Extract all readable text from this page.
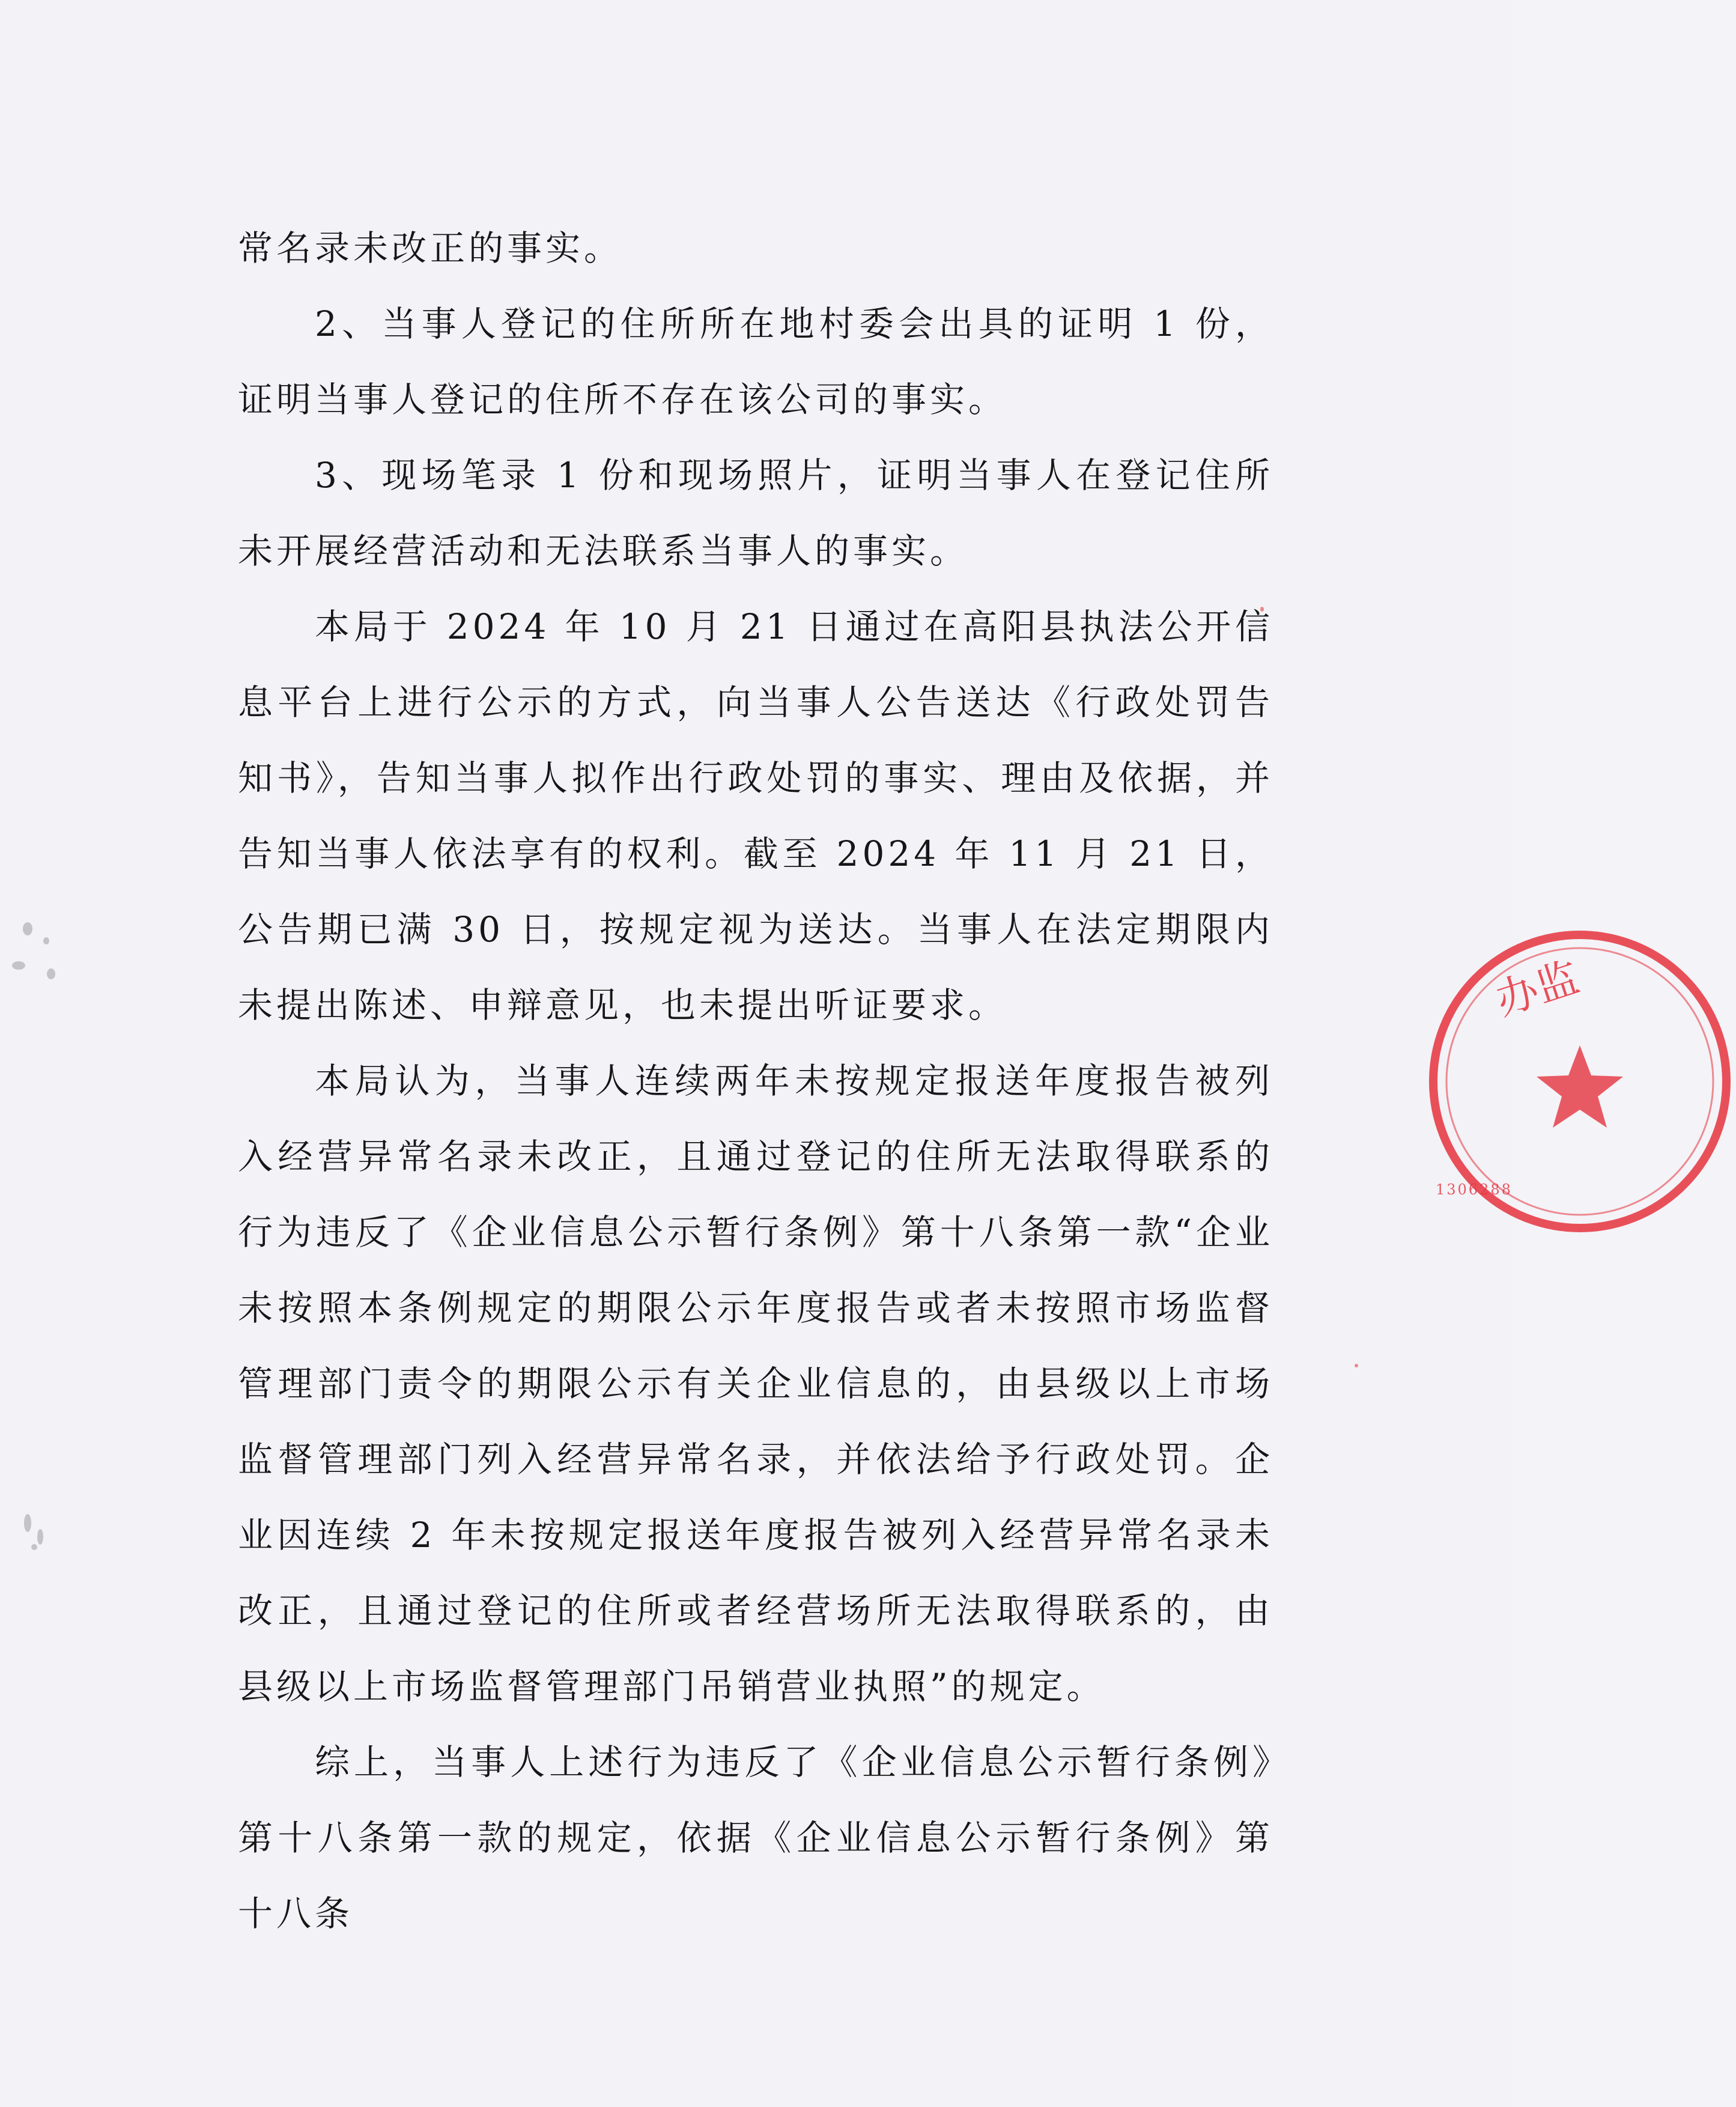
常名录未改正的事实。

2、当事人登记的住所所在地村委会出具的证明 1 份，证明当事人登记的住所不存在该公司的事实。

3、现场笔录 1 份和现场照片，证明当事人在登记住所未开展经营活动和无法联系当事人的事实。

本局于 2024 年 10 月 21 日通过在高阳县执法公开信息平台上进行公示的方式，向当事人公告送达《行政处罚告知书》，告知当事人拟作出行政处罚的事实、理由及依据，并告知当事人依法享有的权利。截至 2024 年 11 月 21 日，公告期已满 30 日，按规定视为送达。当事人在法定期限内未提出陈述、申辩意见，也未提出听证要求。

本局认为，当事人连续两年未按规定报送年度报告被列入经营异常名录未改正，且通过登记的住所无法取得联系的行为违反了《企业信息公示暂行条例》第十八条第一款“企业未按照本条例规定的期限公示年度报告或者未按照市场监督管理部门责令的期限公示有关企业信息的，由县级以上市场监督管理部门列入经营异常名录，并依法给予行政处罚。企业因连续 2 年未按规定报送年度报告被列入经营异常名录未改正，且通过登记的住所或者经营场所无法取得联系的，由县级以上市场监督管理部门吊销营业执照”的规定。

综上，当事人上述行为违反了《企业信息公示暂行条例》第十八条第一款的规定，依据《企业信息公示暂行条例》第十八条

办监
1306288
